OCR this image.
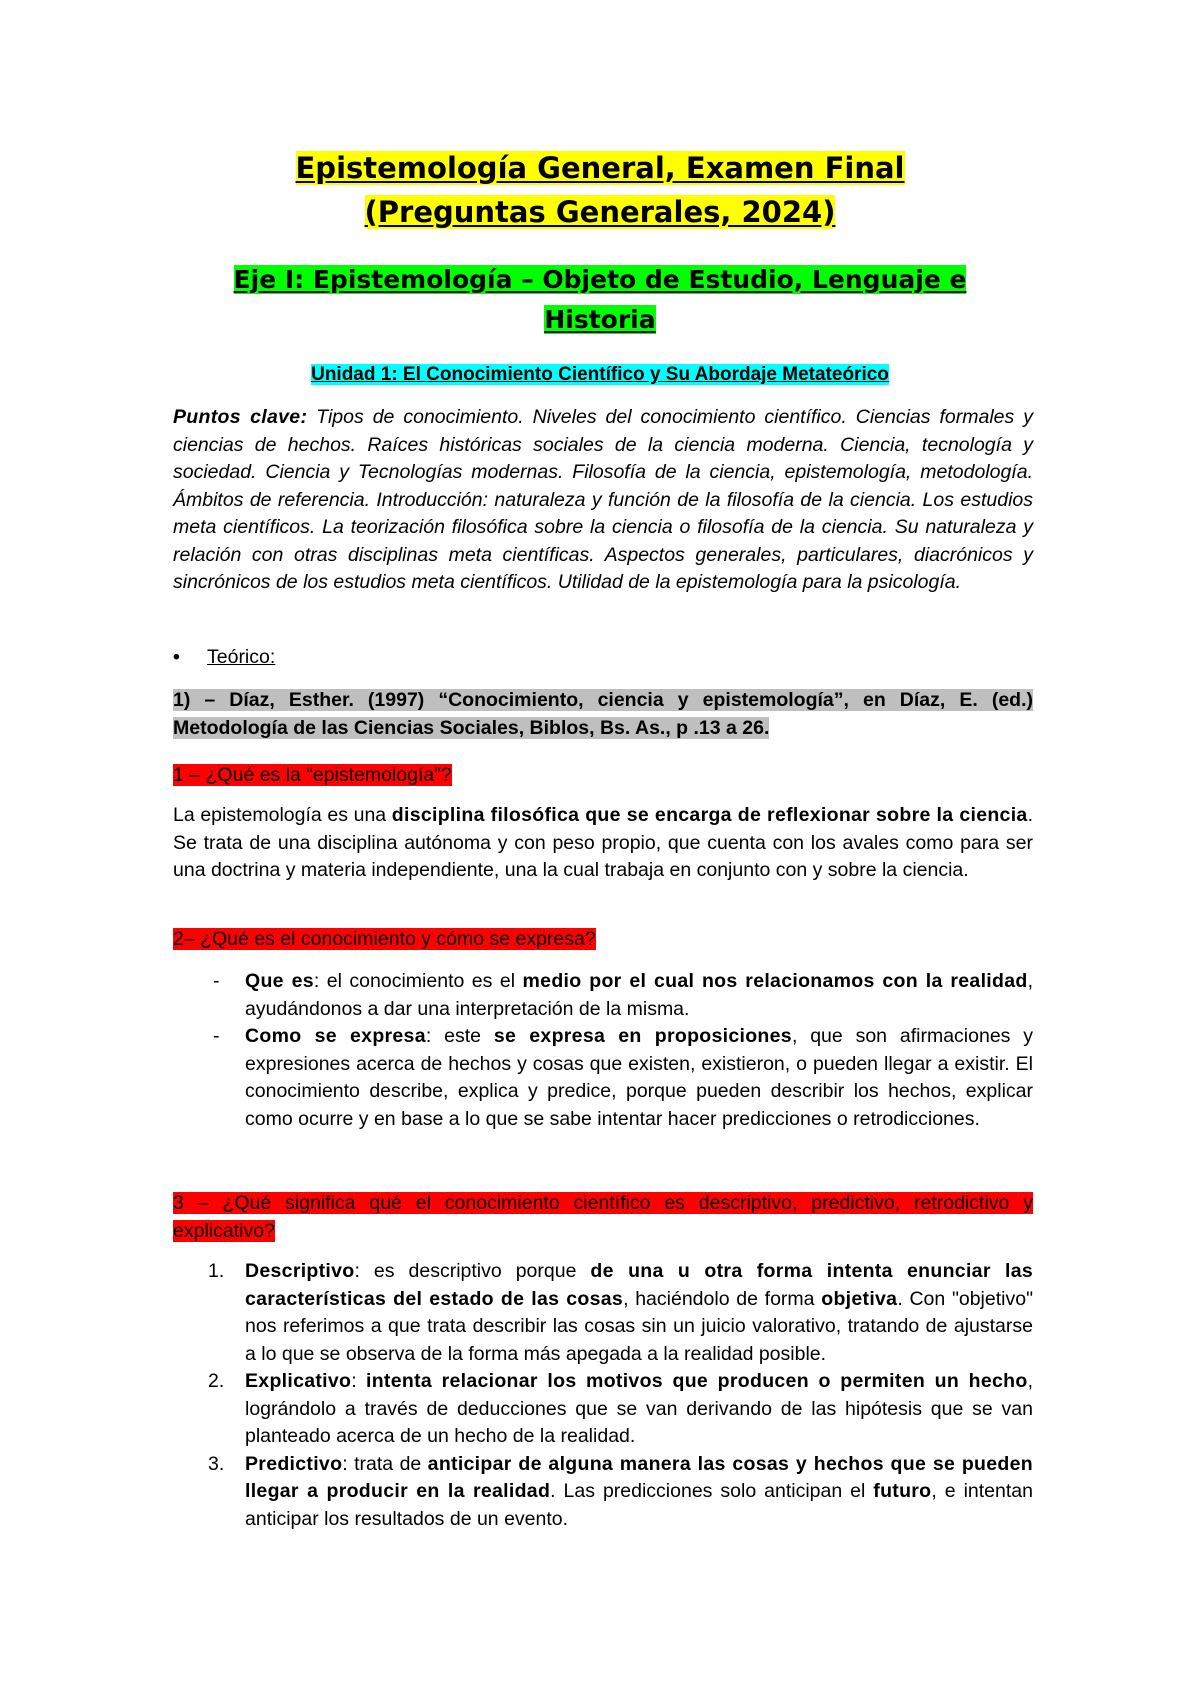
Epistemología General, Examen Final
(Preguntas Generales, 2024)
Eje I: Epistemología – Objeto de Estudio, Lenguaje e
Historia
Unidad 1: El Conocimiento Científico y Su Abordaje Metateórico
Puntos clave: Tipos de conocimiento. Niveles del conocimiento científico. Ciencias formales y ciencias de hechos. Raíces históricas sociales de la ciencia moderna. Ciencia, tecnología y sociedad. Ciencia y Tecnologías modernas. Filosofía de la ciencia, epistemología, metodología. Ámbitos de referencia. Introducción: naturaleza y función de la filosofía de la ciencia. Los estudios meta científicos. La teorización filosófica sobre la ciencia o filosofía de la ciencia. Su naturaleza y relación con otras disciplinas meta científicas. Aspectos generales, particulares, diacrónicos y sincrónicos de los estudios meta científicos. Utilidad de la epistemología para la psicología.
• Teórico:
1) – Díaz, Esther. (1997) “Conocimiento, ciencia y epistemología”, en Díaz, E. (ed.) Metodología de las Ciencias Sociales, Biblos, Bs. As., p .13 a 26.
1 – ¿Qué es la “epistemología”?
La epistemología es una disciplina filosófica que se encarga de reflexionar sobre la ciencia. Se trata de una disciplina autónoma y con peso propio, que cuenta con los avales como para ser una doctrina y materia independiente, una la cual trabaja en conjunto con y sobre la ciencia.
2– ¿Qué es el conocimiento y cómo se expresa?
- Que es: el conocimiento es el medio por el cual nos relacionamos con la realidad, ayudándonos a dar una interpretación de la misma.
- Como se expresa: este se expresa en proposiciones, que son afirmaciones y expresiones acerca de hechos y cosas que existen, existieron, o pueden llegar a existir. El conocimiento describe, explica y predice, porque pueden describir los hechos, explicar como ocurre y en base a lo que se sabe intentar hacer predicciones o retrodicciones.
3 – ¿Qué significa qué el conocimiento científico es descriptivo, predictivo, retrodictivo y explicativo?
1. Descriptivo: es descriptivo porque de una u otra forma intenta enunciar las características del estado de las cosas, haciéndolo de forma objetiva. Con "objetivo" nos referimos a que trata describir las cosas sin un juicio valorativo, tratando de ajustarse a lo que se observa de la forma más apegada a la realidad posible.
2. Explicativo: intenta relacionar los motivos que producen o permiten un hecho, lográndolo a través de deducciones que se van derivando de las hipótesis que se van planteado acerca de un hecho de la realidad.
3. Predictivo: trata de anticipar de alguna manera las cosas y hechos que se pueden llegar a producir en la realidad. Las predicciones solo anticipan el futuro, e intentan anticipar los resultados de un evento.
